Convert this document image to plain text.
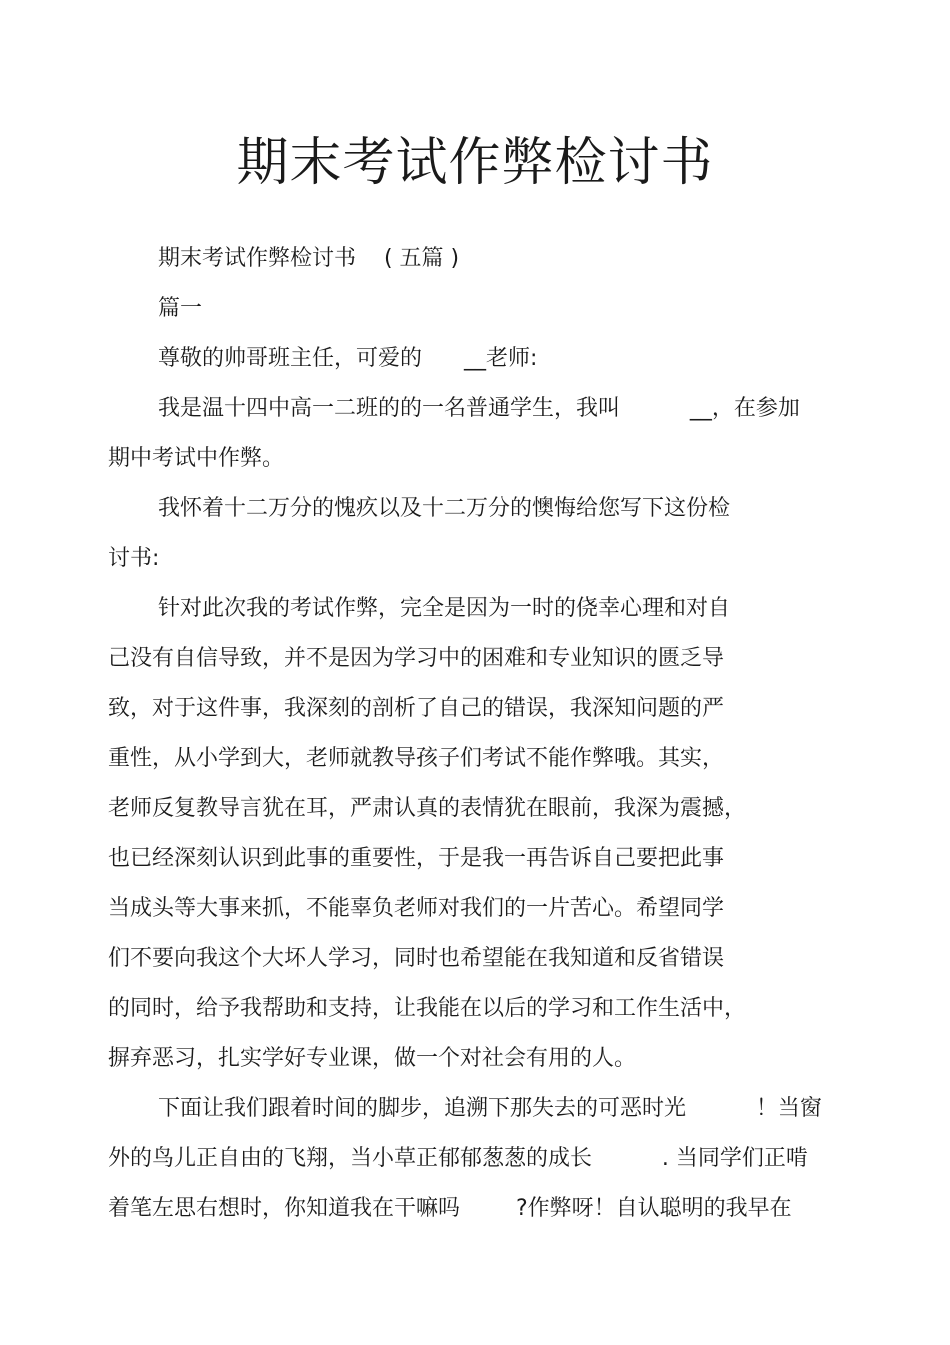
期末考试作弊检讨书
期末考试作弊检讨书    ( 五篇 )
篇一
尊敬的帅哥班主任，可爱的      __老师:
我是温十四中高一二班的的一名普通学生，我叫          __，在参加
期中考试中作弊。
我怀着十二万分的愧疚以及十二万分的懊悔给您写下这份检
讨书:
针对此次我的考试作弊，完全是因为一时的侥幸心理和对自
己没有自信导致，并不是因为学习中的困难和专业知识的匮乏导
致，对于这件事，我深刻的剖析了自己的错误，我深知问题的严
重性，从小学到大，老师就教导孩子们考试不能作弊哦。其实，
老师反复教导言犹在耳，严肃认真的表情犹在眼前，我深为震撼，
也已经深刻认识到此事的重要性，于是我一再告诉自己要把此事
当成头等大事来抓，不能辜负老师对我们的一片苦心。希望同学
们不要向我这个大坏人学习，同时也希望能在我知道和反省错误
的同时，给予我帮助和支持，让我能在以后的学习和工作生活中，
摒弃恶习，扎实学好专业课，做一个对社会有用的人。
下面让我们跟着时间的脚步，追溯下那失去的可恶时光          ！当窗
外的鸟儿正自由的飞翔，当小草正郁郁葱葱的成长          . 当同学们正啃
着笔左思右想时，你知道我在干嘛吗        ?作弊呀！自认聪明的我早在
